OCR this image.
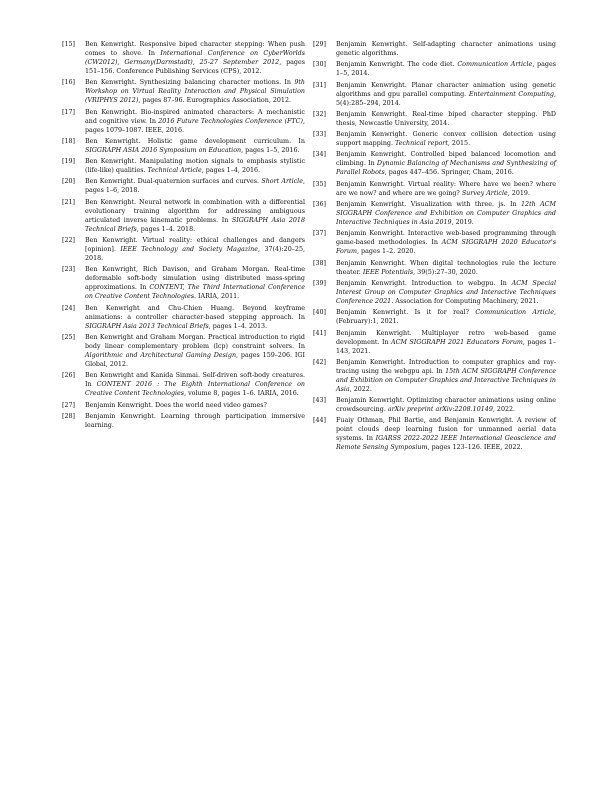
[15]	Ben Kenwright. Responsive biped character stepping: When push comes to shove. In International Conference on CyberWorlds (CW2012), Germany(Darmstadt), 25-27 September 2012, pages 151–156. Conference Publishing Services (CPS), 2012.
[16]	Ben Kenwright. Synthesizing balancing character motions. In 9th Workshop on Virtual Reality Interaction and Physical Simulation (VRIPHYS 2012), pages 87–96. Eurographics Association, 2012.
[17]	Ben Kenwright. Bio-inspired animated characters: A mechanistic and cognitive view. In 2016 Future Technologies Conference (FTC), pages 1079–1087. IEEE, 2016.
[18]	Ben Kenwright. Holistic game development curriculum. In SIGGRAPH ASIA 2016 Symposium on Education, pages 1–5, 2016.
[19]	Ben Kenwright. Manipulating motion signals to emphasis stylistic (life-like) qualities. Technical Article, pages 1–4, 2016.
[20]	Ben Kenwright. Dual-quaternion surfaces and curves. Short Article, pages 1–6, 2018.
[21]	Ben Kenwright. Neural network in combination with a differential evolutionary training algorithm for addressing ambiguous articulated inverse kinematic problems. In SIGGRAPH Asia 2018 Technical Briefs, pages 1–4. 2018.
[22]	Ben Kenwright. Virtual reality: ethical challenges and dangers [opinion]. IEEE Technology and Society Magazine, 37(4):20–25, 2018.
[23]	Ben Kenwright, Rich Davison, and Graham Morgan. Real-time deformable soft-body simulation using distributed mass-spring approximations. In CONTENT, The Third International Conference on Creative Content Technologies. IARIA, 2011.
[24]	Ben Kenwright and Chu-Chien Huang. Beyond keyframe animations: a controller character-based stepping approach. In SIGGRAPH Asia 2013 Technical Briefs, pages 1–4. 2013.
[25]	Ben Kenwright and Graham Morgan. Practical introduction to rigid body linear complementary problem (lcp) constraint solvers. In Algorithmic and Architectural Gaming Design, pages 159–206. IGI Global, 2012.
[26]	Ben Kenwright and Kanida Sinmai. Self-driven soft-body creatures. In CONTENT 2016 : The Eighth International Conference on Creative Content Technologies, volume 8, pages 1–6. IARIA, 2016.
[27]	Benjamin Kenwright. Does the world need video games?
[28]	Benjamin Kenwright. Learning through participation immersive learning.
[29]	Benjamin Kenwright. Self-adapting character animations using genetic algorithms.
[30]	Benjamin Kenwright. The code diet. Communication Article, pages 1–5, 2014.
[31]	Benjamin Kenwright. Planar character animation using genetic algorithms and gpu parallel computing. Entertainment Computing, 5(4):285–294, 2014.
[32]	Benjamin Kenwright. Real-time biped character stepping. PhD thesis, Newcastle University, 2014.
[33]	Benjamin Kenwright. Generic convex collision detection using support mapping. Technical report, 2015.
[34]	Benjamin Kenwright. Controlled biped balanced locomotion and climbing. In Dynamic Balancing of Mechanisms and Synthesizing of Parallel Robots, pages 447–456. Springer, Cham, 2016.
[35]	Benjamin Kenwright. Virtual reality: Where have we been? where are we now? and where are we going? Survey Article, 2019.
[36]	Benjamin Kenwright. Visualization with three. js. In 12th ACM SIGGRAPH Conference and Exhibition on Computer Graphics and Interactive Techniques in Asia 2019, 2019.
[37]	Benjamin Kenwright. Interactive web-based programming through game-based methodologies. In ACM SIGGRAPH 2020 Educator's Forum, pages 1–2. 2020.
[38]	Benjamin Kenwright. When digital technologies rule the lecture theater. IEEE Potentials, 39(5):27–30, 2020.
[39]	Benjamin Kenwright. Introduction to webgpu. In ACM Special Interest Group on Computer Graphics and Interactive Techniques Conference 2021. Association for Computing Machinery, 2021.
[40]	Benjamin Kenwright. Is it for real? Communication Article, (February):1, 2021.
[41]	Benjamin Kenwright. Multiplayer retro web-based game development. In ACM SIGGRAPH 2021 Educators Forum, pages 1–143, 2021.
[42]	Benjamin Kenwright. Introduction to computer graphics and ray-tracing using the webgpu api. In 15th ACM SIGGRAPH Conference and Exhibition on Computer Graphics and Interactive Techniques in Asia, 2022.
[43]	Benjamin Kenwright. Optimizing character animations using online crowdsourcing. arXiv preprint arXiv:2208.10149, 2022.
[44]	Fuaiy Othman, Phil Bartie, and Benjamin Kenwright. A review of point clouds deep learning fusion for unmanned aerial data systems. In IGARSS 2022-2022 IEEE International Geoscience and Remote Sensing Symposium, pages 123–126. IEEE, 2022.
